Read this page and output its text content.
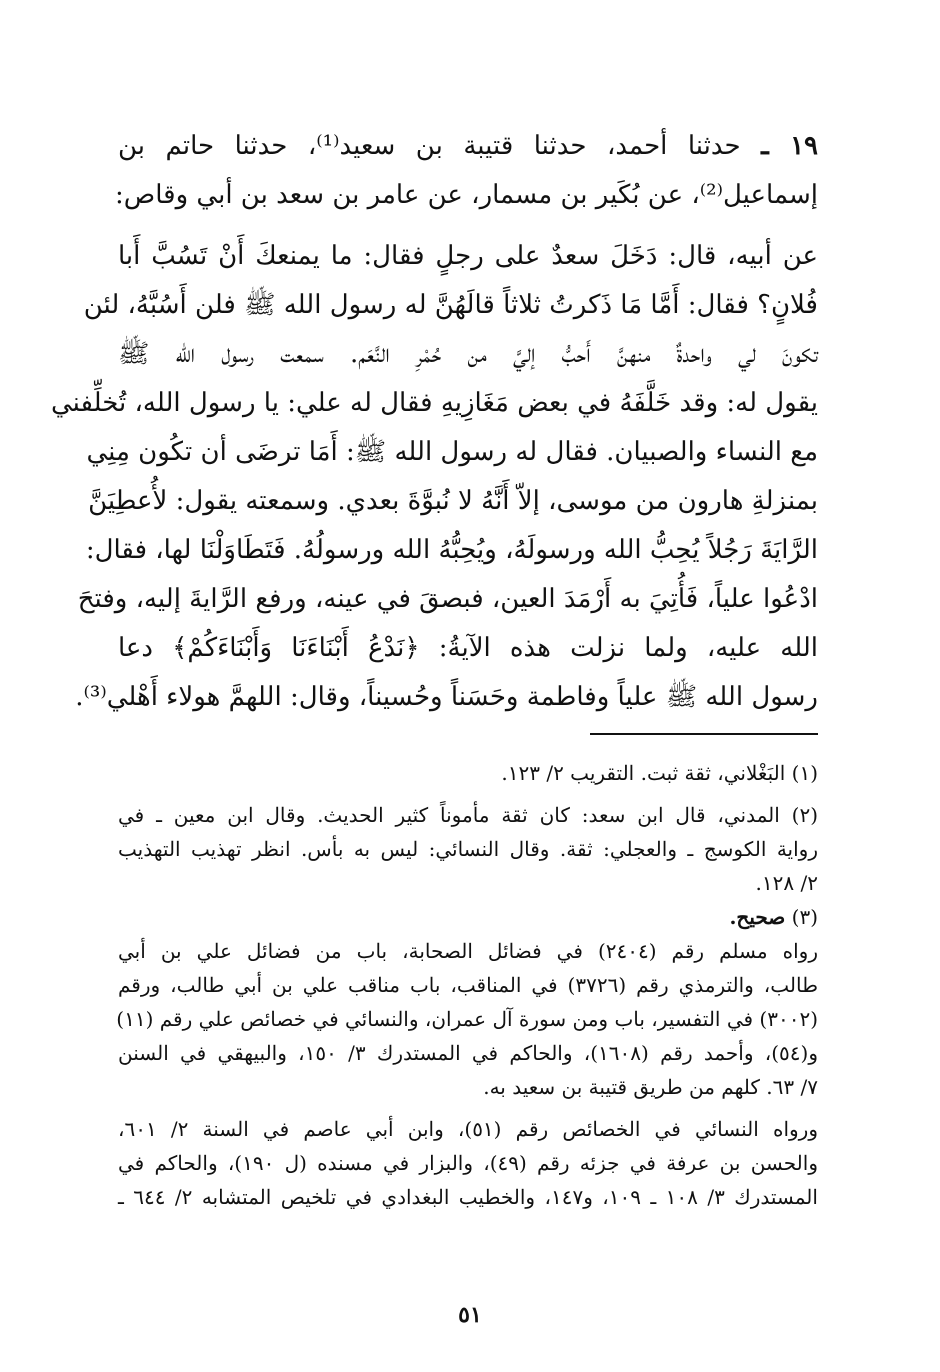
١٩ ـ حدثنا أحمد، حدثنا قتيبة بن سعيد⁽¹⁾، حدثنا حاتم بن
إسماعيل⁽²⁾، عن بُكَير بن مسمار، عن عامر بن سعد بن أبي وقاص:
عن أبيه، قال: دَخَلَ سعدٌ على رجلٍ فقال: ما يمنعكَ أَنْ تَسُبَّ أَبا
فُلانٍ؟ فقال: أَمَّا مَا ذَكرتُ ثلاثاً قالَهُنَّ له رسول الله ﷺ فلن أَسُبَّهُ، لئن
تكونَ لي واحدةٌ منهنَّ أَحبُّ إليَّ من حُمْرِ النَّعَم. سمعت رسول الله ﷺ
يقول له: وقد خَلَّفَهُ في بعض مَغَازِيهِ فقال له علي: يا رسول الله، تُخلِّفني
مع النساء والصبيان. فقال له رسول الله ﷺ: أَمَا ترضَى أن تكُون مِنِي
بمنزلةِ هارون من موسى، إلاّ أَنَّهُ لا نُبوَّةَ بعدي. وسمعته يقول: لأُعطِيَنَّ
الرَّايَةَ رَجُلاً يُحِبُّ الله ورسولَهُ، ويُحِبُّهُ الله ورسولُهُ. فَتَطَاوَلْنَا لها، فقال:
ادْعُوا علياً، فَأُتِيَ به أَرْمَدَ العين، فبصقَ في عينه، ورفع الرَّايةَ إليه، وفتحَ
الله عليه، ولما نزلت هذه الآيةُ: ﴿نَدْعُ أَبْنَاءَنَا وَأَبْنَاءَكُمْ﴾ دعا
رسول الله ﷺ علياً وفاطمة وحَسَناً وحُسيناً، وقال: اللهمَّ هولاء أَهْلي⁽³⁾.
(١) البَغْلاني، ثقة ثبت. التقريب ٢/ ١٢٣.
(٢) المدني، قال ابن سعد: كان ثقة مأموناً كثير الحديث. وقال ابن معين ـ في
رواية الكوسج ـ والعجلي: ثقة. وقال النسائي: ليس به بأس. انظر تهذيب التهذيب
٢/ ١٢٨.
(٣) صحيح.
رواه مسلم رقم (٢٤٠٤) في فضائل الصحابة، باب من فضائل علي بن أبي
طالب، والترمذي رقم (٣٧٢٦) في المناقب، باب مناقب علي بن أبي طالب، ورقم
(٣٠٠٢) في التفسير، باب ومن سورة آل عمران، والنسائي في خصائص علي رقم (١١)
و(٥٤)، وأحمد رقم (١٦٠٨)، والحاكم في المستدرك ٣/ ١٥٠، والبيهقي في السنن
٧/ ٦٣. كلهم من طريق قتيبة بن سعيد به.
ورواه النسائي في الخصائص رقم (٥١)، وابن أبي عاصم في السنة ٢/ ٦٠١،
والحسن بن عرفة في جزئه رقم (٤٩)، والبزار في مسنده (ل ١٩٠)، والحاكم في
المستدرك ٣/ ١٠٨ ـ ١٠٩، و١٤٧، والخطيب البغدادي في تلخيص المتشابه ٢/ ٦٤٤ ـ
٥١
